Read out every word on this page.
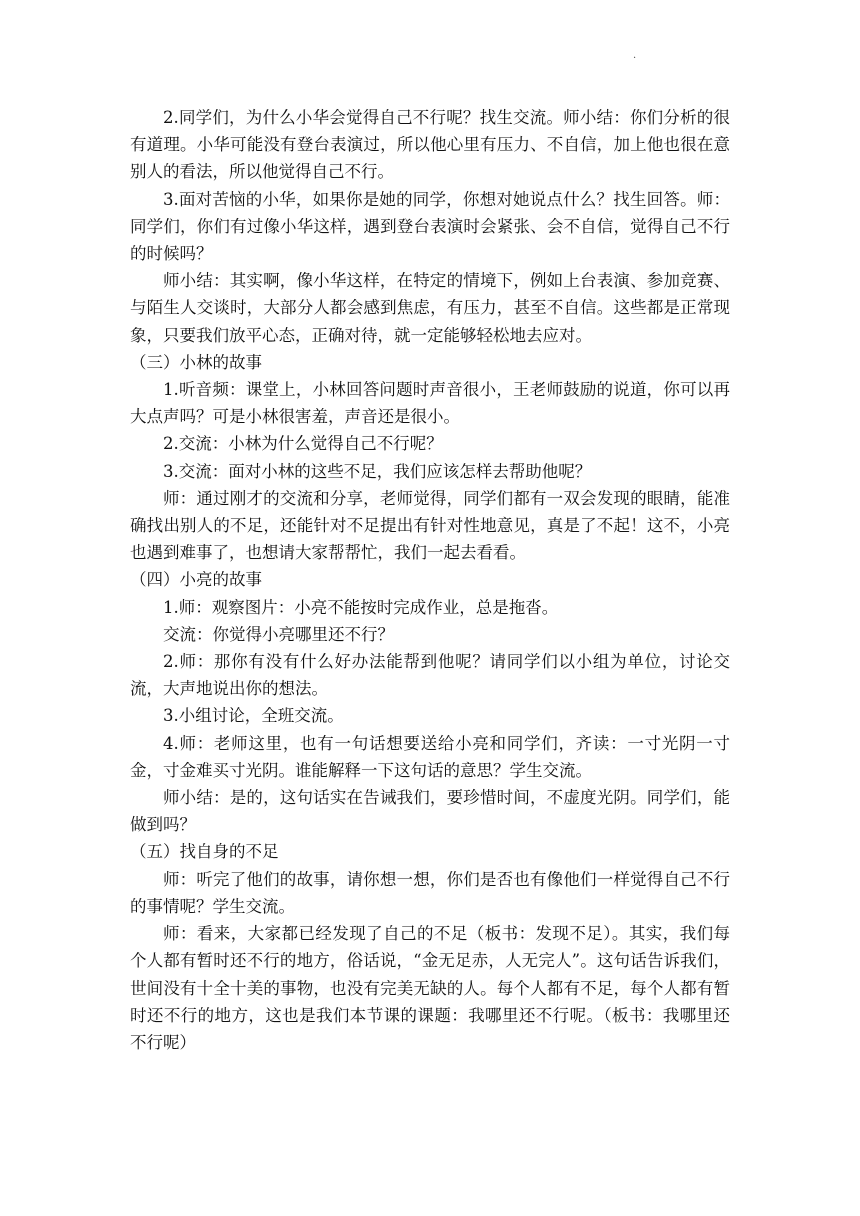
·

2.同学们，为什么小华会觉得自己不行呢？找生交流。师小结：你们分析的很有道理。小华可能没有登台表演过，所以他心里有压力、不自信，加上他也很在意别人的看法，所以他觉得自己不行。

3.面对苦恼的小华，如果你是她的同学，你想对她说点什么？找生回答。师：同学们，你们有过像小华这样，遇到登台表演时会紧张、会不自信，觉得自己不行的时候吗？

师小结：其实啊，像小华这样，在特定的情境下，例如上台表演、参加竞赛、与陌生人交谈时，大部分人都会感到焦虑，有压力，甚至不自信。这些都是正常现象，只要我们放平心态，正确对待，就一定能够轻松地去应对。

（三）小林的故事

1.听音频：课堂上，小林回答问题时声音很小，王老师鼓励的说道，你可以再大点声吗？可是小林很害羞，声音还是很小。

2.交流：小林为什么觉得自己不行呢？

3.交流：面对小林的这些不足，我们应该怎样去帮助他呢？

师：通过刚才的交流和分享，老师觉得，同学们都有一双会发现的眼睛，能准确找出别人的不足，还能针对不足提出有针对性地意见，真是了不起！这不，小亮也遇到难事了，也想请大家帮帮忙，我们一起去看看。

（四）小亮的故事

1.师：观察图片：小亮不能按时完成作业，总是拖沓。

交流：你觉得小亮哪里还不行？

2.师：那你有没有什么好办法能帮到他呢？请同学们以小组为单位，讨论交流，大声地说出你的想法。

3.小组讨论，全班交流。

4.师：老师这里，也有一句话想要送给小亮和同学们，齐读：一寸光阴一寸金，寸金难买寸光阴。谁能解释一下这句话的意思？学生交流。

师小结：是的，这句话实在告诫我们，要珍惜时间，不虚度光阴。同学们，能做到吗？

（五）找自身的不足

师：听完了他们的故事，请你想一想，你们是否也有像他们一样觉得自己不行的事情呢？学生交流。

师：看来，大家都已经发现了自己的不足（板书：发现不足）。其实，我们每个人都有暂时还不行的地方，俗话说，“金无足赤，人无完人”。这句话告诉我们，世间没有十全十美的事物，也没有完美无缺的人。每个人都有不足，每个人都有暂时还不行的地方，这也是我们本节课的课题：我哪里还不行呢。（板书：我哪里还不行呢）
